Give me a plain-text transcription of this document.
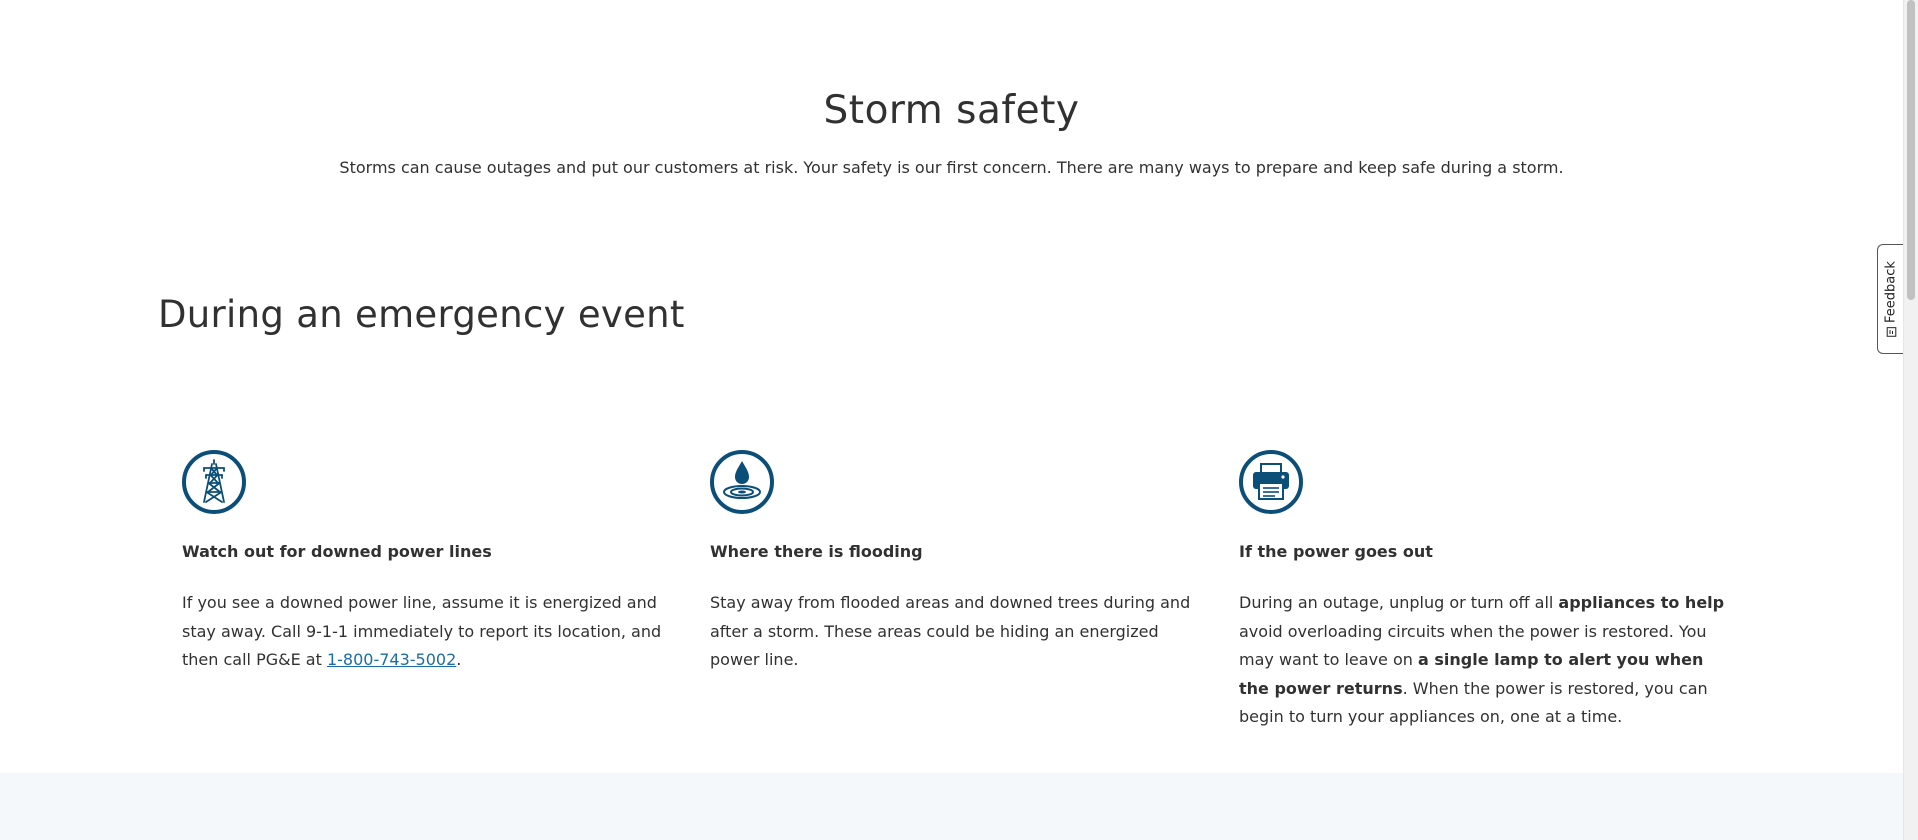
Storm safety

Storms can cause outages and put our customers at risk. Your safety is our first concern. There are many ways to prepare and keep safe during a storm.

During an emergency event
Watch out for downed power lines

If you see a downed power line, assume it is energized and stay away. Call 9-1-1 immediately to report its location, and then call PG&E at 1-800-743-5002.

Where there is flooding

Stay away from flooded areas and downed trees during and after a storm. These areas could be hiding an energized power line.

If the power goes out

During an outage, unplug or turn off all appliances to help avoid overloading circuits when the power is restored. You may want to leave on a single lamp to alert you when the power returns. When the power is restored, you can begin to turn your appliances on, one at a time.

Feedback
